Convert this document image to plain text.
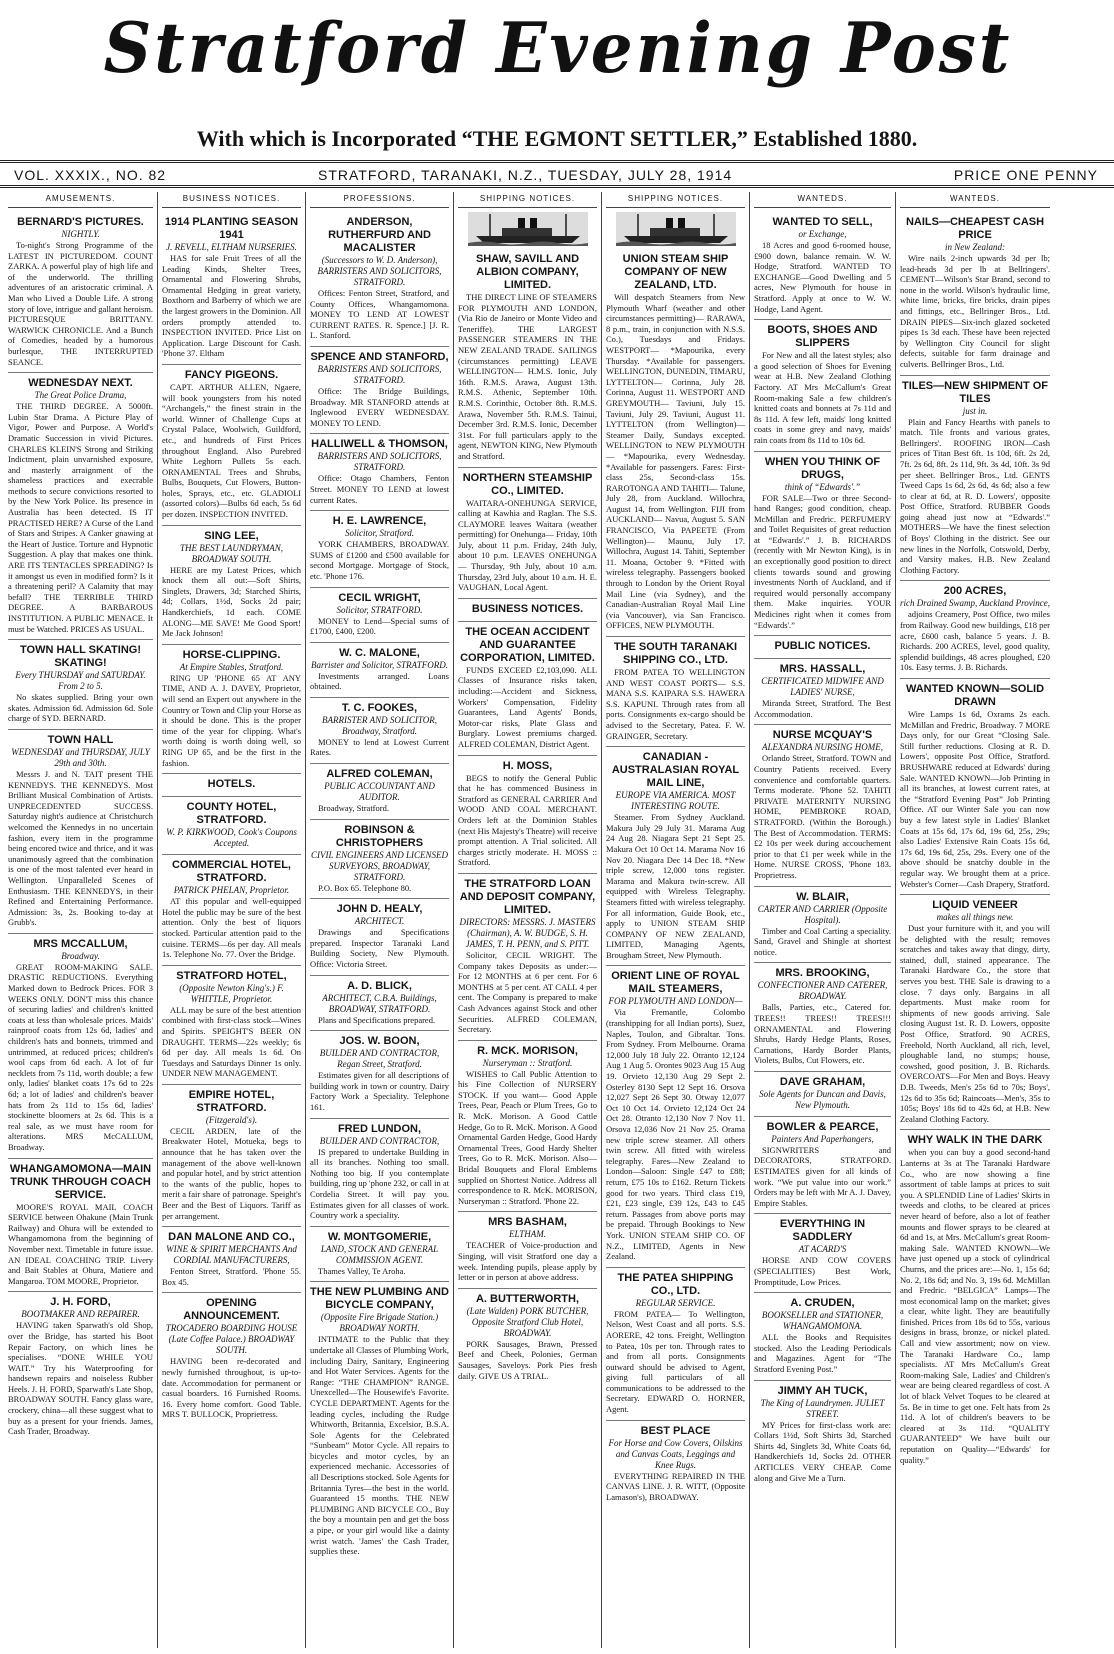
Stratford Evening Post
With which is Incorporated “THE EGMONT SETTLER,” Established 1880.
VOL. XXXIX., NO. 82	STRATFORD, TARANAKI, N.Z., TUESDAY, JULY 28, 1914	PRICE ONE PENNY
AMUSEMENTS.
BERNARD'S PICTURES.
NIGHTLY.
To-night's Strong Programme of the LATEST IN PICTUREDOM. COUNT ZARKA. A powerful play of high life and of the underworld. The thrilling adventures of an aristocratic criminal. A Man who Lived a Double Life. A strong story of love, intrigue and gallant heroism. PICTURESQUE BRITTANY. WARWICK CHRONICLE. And a Bunch of Comedies, headed by a humorous burlesque, THE INTERRUPTED SEANCE.
WEDNESDAY NEXT.
The Great Police Drama,
THE THIRD DEGREE. A 5000ft. Lubin Star Drama. A Picture Play of Vigor, Power and Purpose. A World's Dramatic Succession in vivid Pictures. CHARLES KLEIN'S Strong and Striking Indictment, plain unvarnished exposure, and masterly arraignment of the shameless practices and execrable methods to secure convictions resorted to by the New York Police. Its presence in Australia has been detected. IS IT PRACTISED HERE? A Curse of the Land of Stars and Stripes. A Canker gnawing at the Heart of Justice. Torture and Hypnotic Suggestion. A play that makes one think. ARE ITS TENTACLES SPREADING? Is it amongst us even in modified form? Is it a threatening peril? A Calamity that may befall? THE TERRIBLE THIRD DEGREE. A BARBAROUS INSTITUTION. A PUBLIC MENACE. It must be Watched. PRICES AS USUAL.
TOWN HALL SKATING! SKATING!
Every THURSDAY and SATURDAY. From 2 to 5.
No skates supplied. Bring your own skates. Admission 6d. Admission 6d. Sole charge of SYD. BERNARD.
TOWN HALL
WEDNESDAY and THURSDAY, JULY 29th and 30th.
Messrs J. and N. TAIT present THE KENNEDYS. THE KENNEDYS. Most Brilliant Musical Combination of Artists. UNPRECEDENTED SUCCESS. Saturday night's audience at Christchurch welcomed the Kennedys in no uncertain fashion, every item in the programme being encored twice and thrice, and it was unanimously agreed that the combination is one of the most talented ever heard in Wellington. Unparalleled Scenes of Enthusiasm. THE KENNEDYS, in their Refined and Entertaining Performance. Admission: 3s, 2s. Booking to-day at Grubb's.
MRS MCCALLUM,
Broadway.
GREAT ROOM-MAKING SALE. DRASTIC REDUCTIONS. Everything Marked down to Bedrock Prices. FOR 3 WEEKS ONLY. DON'T miss this chance of securing ladies' and children's knitted coats at less than wholesale prices. Maids' rainproof coats from 12s 6d, ladies' and children's hats and bonnets, trimmed and untrimmed, at reduced prices; children's wool caps from 6d each. A lot of fur necklets from 7s 11d, worth double; a few only, ladies' blanket coats 17s 6d to 22s 6d; a lot of ladies' and children's beaver hats from 2s 11d to 15s 6d, ladies' stockinette bloomers at 2s 6d. This is a real sale, as we must have room for alterations. MRS McCALLUM, Broadway.
WHANGAMOMONA—MAIN TRUNK THROUGH COACH SERVICE.
MOORE'S ROYAL MAIL COACH SERVICE between Ohakune (Main Trunk Railway) and Ohura will be extended to Whangamomona from the beginning of November next. Timetable in future issue. AN IDEAL COACHING TRIP. Livery and Bait Stables at Ohura, Matiere and Mangaroa. TOM MOORE, Proprietor.
J. H. FORD,
BOOTMAKER AND REPAIRER.
HAVING taken Sparwath's old Shop, over the Bridge, has started his Boot Repair Factory, on which lines he specialises. “DONE WHILE YOU WAIT.” Try his Waterproofing for handsewn repairs and noiseless Rubber Heels. J. H. FORD, Sparwath's Late Shop, BROADWAY SOUTH. Fancy glass ware, crockery, china—all these suggest what to buy as a present for your friends. James, Cash Trader, Broadway.
BUSINESS NOTICES.
1914 PLANTING SEASON 1941
J. REVELL, ELTHAM NURSERIES.
HAS for sale Fruit Trees of all the Leading Kinds, Shelter Trees, Ornamental and Flowering Shrubs, Ornamental Hedging in great variety, Boxthorn and Barberry of which we are the largest growers in the Dominion. All orders promptly attended to. INSPECTION INVITED. Price List on Application. Large Discount for Cash. 'Phone 37. Eltham
FANCY PIGEONS.
CAPT. ARTHUR ALLEN, Ngaere, will book youngsters from his noted “Archangels,” the finest strain in the world. Winner of Challenge Cups at Crystal Palace, Woolwich, Guildford, etc., and hundreds of First Prices throughout England. Also Purebred White Leghorn Pullets 5s each. ORNAMENTAL Trees and Shrubs, Bulbs, Bouquets, Cut Flowers, Button-holes, Sprays, etc., etc. GLADIOLI (assorted colors)—Bulbs 6d each, 5s 6d per dozen. INSPECTION INVITED.
SING LEE,
THE BEST LAUNDRYMAN, BROADWAY SOUTH.
HERE are my Latest Prices, which knock them all out:—Soft Shirts, Singlets, Drawers, 3d; Starched Shirts, 4d; Collars, 1½d, Socks 2d pair; Handkerchiefs, 1d each. COME ALONG—ME SAVE! Me Good Sport! Me Jack Johnson!
HORSE-CLIPPING.
At Empire Stables, Stratford.
RING UP 'PHONE 65 AT ANY TIME, AND A. J. DAVEY, Proprietor, will send an Expert out anywhere in the Country or Town and Clip your Horse as it should be done. This is the proper time of the year for clipping. What's worth doing is worth doing well, so RING UP 65, and be the first in the fashion.
HOTELS.
COUNTY HOTEL, STRATFORD.
W. P. KIRKWOOD, Cook's Coupons Accepted.
COMMERCIAL HOTEL, STRATFORD.
PATRICK PHELAN, Proprietor.
AT this popular and well-equipped Hotel the public may be sure of the best attention. Only the best of liquors stocked. Particular attention paid to the cuisine. TERMS—6s per day. All meals 1s. Telephone No. 77. Over the Bridge.
STRATFORD HOTEL,
(Opposite Newton King's.) F. WHITTLE, Proprietor.
ALL may be sure of the best attention combined with first-class stock—Wines and Spirits. SPEIGHT'S BEER ON DRAUGHT. TERMS—22s weekly; 6s 6d per day. All meals 1s 6d. On Tuesdays and Saturdays Dinner 1s only. UNDER NEW MANAGEMENT.
EMPIRE HOTEL, STRATFORD.
(Fitzgerald's).
CECIL ARDEN, late of the Breakwater Hotel, Motueka, begs to announce that he has taken over the management of the above well-known and popular hotel, and by strict attention to the wants of the public, hopes to merit a fair share of patronage. Speight's Beer and the Best of Liquors. Tariff as per arrangement.
DAN MALONE AND CO.,
WINE & SPIRIT MERCHANTS And CORDIAL MANUFACTURERS,
Fenton Street, Stratford. 'Phone 55. Box 45.
OPENING ANNOUNCEMENT.
TROCADERO BOARDING HOUSE (Late Coffee Palace.) BROADWAY SOUTH.
HAVING been re-decorated and newly furnished throughout, is up-to-date. Accommodation for permanent or casual boarders. 16 Furnished Rooms. 16. Every home comfort. Good Table. MRS T. BULLOCK, Proprietress.
PROFESSIONS.
ANDERSON, RUTHERFURD AND MACALISTER
(Successors to W. D. Anderson), BARRISTERS AND SOLICITORS, STRATFORD.
Offices: Fenton Street, Stratford, and County Offices, Whangamomona. MONEY TO LEND AT LOWEST CURRENT RATES. R. Spence.] [J. R. L. Stanford.
SPENCE AND STANFORD,
BARRISTERS AND SOLICITORS, STRATFORD.
Office: The Bridge Buildings, Broadway. MR STANFORD attends at Inglewood EVERY WEDNESDAY. MONEY TO LEND.
HALLIWELL & THOMSON,
BARRISTERS AND SOLICITORS, STRATFORD.
Office: Otago Chambers, Fenton Street. MONEY TO LEND at lowest current Rates.
H. E. LAWRENCE,
Solicitor, Stratford.
YORK CHAMBERS, BROADWAY. SUMS of £1200 and £500 available for second Mortgage. Mortgage of Stock, etc. 'Phone 176.
CECIL WRIGHT,
Solicitor, STRATFORD.
MONEY to Lend—Special sums of £1700, £400, £200.
W. C. MALONE,
Barrister and Solicitor, STRATFORD.
Investments arranged. Loans obtained.
T. C. FOOKES,
BARRISTER AND SOLICITOR, Broadway, Stratford.
MONEY to lend at Lowest Current Rates.
ALFRED COLEMAN,
PUBLIC ACCOUNTANT AND AUDITOR.
Broadway, Stratford.
ROBINSON & CHRISTOPHERS
CIVIL ENGINEERS AND LICENSED SURVEYORS, BROADWAY, STRATFORD.
P.O. Box 65. Telephone 80.
JOHN D. HEALY,
ARCHITECT.
Drawings and Specifications prepared. Inspector Taranaki Land Building Society, New Plymouth. Office: Victoria Street.
A. D. BLICK,
ARCHITECT, C.B.A. Buildings, BROADWAY, STRATFORD.
Plans and Specifications prepared.
JOS. W. BOON,
BUILDER AND CONTRACTOR, Regan Street, Stratford.
Estimates given for all descriptions of building work in town or country. Dairy Factory Work a Speciality. Telephone 161.
FRED LUNDON,
BUILDER AND CONTRACTOR,
IS prepared to undertake Building in all its branches. Nothing too small. Nothing too big. If you contemplate building, ring up 'phone 232, or call in at Cordelia Street. It will pay you. Estimates given for all classes of work. Country work a speciality.
W. MONTGOMERIE,
LAND, STOCK AND GENERAL COMMISSION AGENT.
Thames Valley, Te Aroha.
THE NEW PLUMBING AND BICYCLE COMPANY,
(Opposite Fire Brigade Station.) BROADWAY NORTH.
INTIMATE to the Public that they undertake all Classes of Plumbing Work, including Dairy, Sanitary, Engineering and Hot Water Services. Agents for the Range: “THE CHAMPION” RANGE. Unexcelled—The Housewife's Favorite. CYCLE DEPARTMENT. Agents for the leading cycles, including the Rudge Whitworth, Britannia, Excelsior, B.S.A. Sole Agents for the Celebrated “Sunbeam” Motor Cycle. All repairs to bicycles and motor cycles, by an experienced mechanic. Accessories of all Descriptions stocked. Sole Agents for Britannia Tyres—the best in the world. Guaranteed 15 months. THE NEW PLUMBING AND BICYCLE CO., Buy the boy a mountain pen and get the boss a pipe, or your girl would like a dainty wrist watch. 'James' the Cash Trader, supplies these.
SHIPPING NOTICES.
SHAW, SAVILL AND ALBION COMPANY, LIMITED.
THE DIRECT LINE OF STEAMERS FOR PLYMOUTH AND LONDON, (Via Rio de Janeiro or Monte Video and Teneriffe). THE LARGEST PASSENGER STEAMERS IN THE NEW ZEALAND TRADE. SAILINGS (circumstances permitting) LEAVE WELLINGTON— H.M.S. Ionic, July 16th. R.M.S. Arawa, August 13th. R.M.S. Athenic, September 10th. R.M.S. Corinthic, October 8th. R.M.S. Arawa, November 5th. R.M.S. Tainui, December 3rd. R.M.S. Ionic, December 31st. For full particulars apply to the agent, NEWTON KING, New Plymouth and Stratford.
NORTHERN STEAMSHIP CO., LIMITED.
WAITARA-ONEHUNGA SERVICE, calling at Kawhia and Raglan. The S.S. CLAYMORE leaves Waitara (weather permitting) for Onehunga— Friday, 10th July, about 11 p.m. Friday, 24th July, about 10 p.m. LEAVES ONEHUNGA— Thursday, 9th July, about 10 a.m. Thursday, 23rd July, about 10 a.m. H. E. VAUGHAN, Local Agent.
BUSINESS NOTICES.
THE OCEAN ACCIDENT AND GUARANTEE CORPORATION, LIMITED.
FUNDS EXCEED £2,103,090. ALL Classes of Insurance risks taken, including:—Accident and Sickness, Workers' Compensation, Fidelity Guarantees, Land Agents' Bonds, Motor-car risks, Plate Glass and Burglary. Lowest premiums charged. ALFRED COLEMAN, District Agent.
H. MOSS,
BEGS to notify the General Public that he has commenced Business in Stratford as GENERAL CARRIER And WOOD AND COAL MERCHANT. Orders left at the Dominion Stables (next His Majesty's Theatre) will receive prompt attention. A Trial solicited. All charges strictly moderate. H. MOSS :: Stratford.
THE STRATFORD LOAN AND DEPOSIT COMPANY, LIMITED.
DIRECTORS: MESSRS. J. MASTERS (Chairman), A. W. BUDGE, S. H. JAMES, T. H. PENN, and S. PITT.
Solicitor, CECIL WRIGHT. The Company takes Deposits as under:— For 12 MONTHS at 6 per cent. For 6 MONTHS at 5 per cent. AT CALL 4 per cent. The Company is prepared to make Cash Advances against Stock and other Securities. ALFRED COLEMAN, Secretary.
R. MCK. MORISON,
Nurseryman :: Stratford.
WISHES to Call Public Attention to his Fine Collection of NURSERY STOCK. If you want— Good Apple Trees, Pear, Peach or Plum Trees, Go to R. McK. Morison. A Good Cattle Hedge, Go to R. McK. Morison. A Good Ornamental Garden Hedge, Good Hardy Ornamental Trees, Good Hardy Shelter Trees, Go to R. McK. Morison. Also— Bridal Bouquets and Floral Emblems supplied on Shortest Notice. Address all correspondence to R. McK. MORISON, Nurseryman :: Stratford. 'Phone 22.
MRS BASHAM,
ELTHAM.
TEACHER of Voice-production and Singing, will visit Stratford one day a week. Intending pupils, please apply by letter or in person at above address.
A. BUTTERWORTH,
(Late Walden) PORK BUTCHER, Opposite Stratford Club Hotel, BROADWAY.
PORK Sausages, Brawn, Pressed Beef and Cheek, Polonies, German Sausages, Saveloys. Pork Pies fresh daily. GIVE US A TRIAL.
SHIPPING NOTICES.
UNION STEAM SHIP COMPANY OF NEW ZEALAND, LTD.
Will despatch Steamers from New Plymouth Wharf (weather and other circumstances permitting)— RARAWA, 8 p.m., train, in conjunction with N.S.S. Co.), Tuesdays and Fridays. WESTPORT— *Mapourika, every Thursday. *Available for passengers. WELLINGTON, DUNEDIN, TIMARU, LYTTELTON— Corinna, July 28. Corinna, August 11. WESTPORT AND GREYMOUTH— Taviuni, July 15. Taviuni, July 29. Taviuni, August 11. LYTTELTON (from Wellington)— Steamer Daily, Sundays excepted. WELLINGTON to NEW PLYMOUTH— *Mapourika, every Wednesday. *Available for passengers. Fares: First-class 25s, Second-class 15s. RAROTONGA AND TAHITI— Talune, July 28, from Auckland. Willochra, August 14, from Wellington. FIJI from AUCKLAND— Navua, August 5. SAN FRANCISCO, Via PAPEETE (From Wellington)— Maunu, July 17. Willochra, August 14. Tahiti, September 11. Moana, October 9. *Fitted with wireless telegraphy. Passengers booked through to London by the Orient Royal Mail Line (via Sydney), and the Canadian-Australian Royal Mail Line (via Vancouver), via San Francisco. OFFICES, NEW PLYMOUTH.
THE SOUTH TARANAKI SHIPPING CO., LTD.
FROM PATEA TO WELLINGTON AND WEST COAST PORTS— S.S. MANA S.S. KAIPARA S.S. HAWERA S.S. KAPUNI. Through rates from all ports. Consignments ex-cargo should be advised to the Secretary, Patea. F. W. GRAINGER, Secretary.
CANADIAN - AUSTRALASIAN ROYAL MAIL LINE,
EUROPE VIA AMERICA. MOST INTERESTING ROUTE.
Steamer. From Sydney Auckland. Makura July 29 July 31. Marama Aug 24 Aug 28. Niagara Sept 21 Sept 25. Makura Oct 10 Oct 14. Marama Nov 16 Nov 20. Niagara Dec 14 Dec 18. *New triple screw, 12,000 tons register. Marama and Makura twin-screw. All equipped with Wireless Telegraphy. Steamers fitted with wireless telegraphy. For all information, Guide Book, etc., apply to UNION STEAM SHIP COMPANY OF NEW ZEALAND, LIMITED, Managing Agents, Brougham Street, New Plymouth.
ORIENT LINE OF ROYAL MAIL STEAMERS,
FOR PLYMOUTH AND LONDON—
Via Fremantle, Colombo (transhipping for all Indian ports), Suez, Naples, Toulon, and Gibraltar. Tons. From Sydney. From Melbourne. Orama 12,000 July 18 July 22. Otranto 12,124 Aug 1 Aug 5. Orontes 9023 Aug 15 Aug 19. Orvieto 12,130 Aug 29 Sept 2. Osterley 8130 Sept 12 Sept 16. Orsova 12,027 Sept 26 Sept 30. Otway 12,077 Oct 10 Oct 14. Orvieto 12,124 Oct 24 Oct 28. Otranto 12,130 Nov 7 Nov 11. Orsova 12,036 Nov 21 Nov 25. Orama new triple screw steamer. All others twin screw. All fitted with wireless telegraphy. Fares—New Zealand to London—Saloon: Single £47 to £88; return, £75 10s to £162. Return Tickets good for two years. Third class £19, £21, £23 single, £39 12s, £43 to £45 return. Passages from above ports may be prepaid. Through Bookings to New York. UNION STEAM SHIP CO. OF N.Z., LIMITED, Agents in New Zealand.
THE PATEA SHIPPING CO., LTD.
REGULAR SERVICE.
FROM PATEA— To Wellington, Nelson, West Coast and all ports. S.S. AORERE, 42 tons. Freight, Wellington to Patea, 10s per ton. Through rates to and from all ports. Consignments outward should be advised to Agent, giving full particulars of all communications to be addressed to the Secretary. EDWARD O. HORNER, Agent.
BEST PLACE
For Horse and Cow Covers, Oilskins and Canvas Coats, Leggings and Knee Rugs.
EVERYTHING REPAIRED IN THE CANVAS LINE. J. R. WITT, (Opposite Lamason's), BROADWAY.
WANTEDS.
WANTED TO SELL,
or Exchange,
18 Acres and good 6-roomed house, £900 down, balance remain. W. W. Hodge, Stratford. WANTED TO EXCHANGE—Good Dwelling and 5 acres, New Plymouth for house in Stratford. Apply at once to W. W. Hodge, Land Agent.
BOOTS, SHOES AND SLIPPERS
For New and all the latest styles; also a good selection of Shoes for Evening wear at H.B. New Zealand Clothing Factory. AT Mrs McCallum's Great Room-making Sale a few children's knitted coats and bonnets at 7s 11d and 8s 11d. A few left, maids' long knitted coats in some grey and navy, maids' rain coats from 8s 11d to 10s 6d.
WHEN YOU THINK OF DRUGS,
think of “Edwards'.”
FOR SALE—Two or three Second-hand Ranges; good condition, cheap. McMillan and Fredric. PERFUMERY and Toilet Requisites of great reduction at “Edwards'.” J. B. RICHARDS (recently with Mr Newton King), is in an exceptionally good position to direct clients towards sound and growing investments North of Auckland, and if required would personally accompany them. Make inquiries. YOUR Medicines right when it comes from “Edwards'.”
PUBLIC NOTICES.
MRS. HASSALL,
CERTIFICATED MIDWIFE AND LADIES' NURSE,
Miranda Street, Stratford. The Best Accommodation.
NURSE MCQUAY'S
ALEXANDRA NURSING HOME,
Orlando Street, Stratford. TOWN and Country Patients received. Every convenience and comfortable quarters. Terms moderate. 'Phone 52. TAHITI PRIVATE MATERNITY NURSING HOME, PEMBROKE ROAD, STRATFORD. (Within the Borough.) The Best of Accommodation. TERMS: £2 10s per week during accouchement prior to that £1 per week while in the Home. NURSE CROSS, 'Phone 183. Proprietress.
W. BLAIR,
CARTER AND CARRIER (Opposite Hospital).
Timber and Coal Carting a speciality. Sand, Gravel and Shingle at shortest notice.
MRS. BROOKING,
CONFECTIONER AND CATERER, BROADWAY.
Balls, Parties, etc., Catered for. TREES!! TREES!! TREES!!! ORNAMENTAL and Flowering Shrubs, Hardy Hedge Plants, Roses, Carnations, Hardy Border Plants, Violets, Bulbs, Cut Flowers, etc.
DAVE GRAHAM,
Sole Agents for Duncan and Davis, New Plymouth.
BOWLER & PEARCE,
Painters And Paperhangers,
SIGNWRITERS and DECORATORS, STRATFORD. ESTIMATES given for all kinds of work. “We put value into our work.” Orders may be left with Mr A. J. Davey, Empire Stables.
EVERYTHING IN SADDLERY
AT ACARD'S
HORSE AND COW COVERS (SPECIALITIES) Best Work, Promptitude, Low Prices.
A. CRUDEN,
BOOKSELLER and STATIONER, WHANGAMOMONA.
ALL the Books and Requisites stocked. Also the Leading Periodicals and Magazines. Agent for “The Stratford Evening Post.”
JIMMY AH TUCK,
The King of Laundrymen. JULIET STREET.
MY Prices for first-class work are: Collars 1½d, Soft Shirts 3d, Starched Shirts 4d, Singlets 3d, White Coats 6d, Handkerchiefs 1d, Socks 2d. OTHER ARTICLES VERY CHEAP. Come along and Give Me a Turn.
WANTEDS.
NAILS—CHEAPEST CASH PRICE
in New Zealand:
Wire nails 2-inch upwards 3d per lb; lead-heads 3d per lb at Bellringers'. CEMENT—Wilson's Star Brand, second to none in the world. Wilson's hydraulic lime, white lime, bricks, fire bricks, drain pipes and fittings, etc., Bellringer Bros., Ltd. DRAIN PIPES—Six-inch glazed socketed pipes 1s 3d each. These have been rejected by Wellington City Council for slight defects, suitable for farm drainage and culverts. Bellringer Bros., Ltd.
TILES—NEW SHIPMENT OF TILES
just in.
Plain and Fancy Hearths with panels to match. Tile fronts and various grates, Bellringers'. ROOFING IRON—Cash prices of Titan Best 6ft. 1s 10d, 6ft. 2s 2d, 7ft. 2s 6d, 8ft. 2s 11d, 9ft. 3s 4d, 10ft. 3s 9d per sheet. Bellringer Bros., Ltd. GENTS Tweed Caps 1s 6d, 2s 6d, 4s 6d; also a few to clear at 6d, at R. D. Lowers', opposite Post Office, Stratford. RUBBER Goods going ahead just now at “Edwards'.” MOTHERS—We have the finest selection of Boys' Clothing in the district. See our new lines in the Norfolk, Cotswold, Derby, and Varsity makes. H.B. New Zealand Clothing Factory.
200 ACRES,
rich Drained Swamp, Auckland Province,
adjoins Creamery, Post Office, two miles from Railway. Good new buildings, £18 per acre, £600 cash, balance 5 years. J. B. Richards. 200 ACRES, level, good quality, splendid buildings, 48 acres ploughed, £20 10s. Easy terms. J. B. Richards.
WANTED KNOWN—SOLID DRAWN
Wire Lamps 1s 6d, Oxrams 2s each. McMillan and Fredric, Broadway. 7 MORE Days only, for our Great “Closing Sale. Still further reductions. Closing at R. D. Lowers', opposite Post Office, Stratford. BRUSHWARE reduced at Edwards' during Sale. WANTED KNOWN—Job Printing in all its branches, at lowest current rates, at the “Stratford Evening Post” Job Printing Office. AT our Winter Sale you can now buy a few latest style in Ladies' Blanket Coats at 15s 6d, 17s 6d, 19s 6d, 25s, 29s; also Ladies' Extensive Rain Coats 15s 6d, 17s 6d, 19s 6d, 25s, 29s. Every one of the above should be snatchy double in the regular way. We brought them at a price. Webster's Corner—Cash Drapery, Stratford.
LIQUID VENEER
makes all things new.
Dust your furniture with it, and you will be delighted with the result; removes scratches and takes away that dingy, dirty, stained, dull, stained appearance. The Taranaki Hardware Co., the store that serves you best. THE Sale is drawing to a close. 7 days only. Bargains in all departments. Must make room for shipments of new goods arriving. Sale closing August 1st. R. D. Lowers, opposite Post Office, Stratford. 90 ACRES, Freehold, North Auckland, all rich, level, ploughable land, no stumps; house, cowshed, good position, J. B. Richards. OVERCOATS—For Men and Boys. Heavy D.B. Tweeds, Men's 25s 6d to 70s; Boys', 12s 6d to 35s 6d; Raincoats—Men's, 35s to 105s; Boys' 18s 6d to 42s 6d, at H.B. New Zealand Clothing Factory.
WHY WALK IN THE DARK
when you can buy a good second-hand Lanterns at 3s at The Taranaki Hardware Co., who are now showing a fine assortment of table lamps at prices to suit you. A SPLENDID Line of Ladies' Skirts in tweeds and cloths, to be cleared at prices never heard of before, also a lot of feather mounts and flower sprays to be cleared at 6d and 1s, at Mrs. McCallum's great Room-making Sale. WANTED KNOWN—We have just opened up a stock of cylindrical Churns, and the prices are:—No. 1, 15s 6d; No. 2, 18s 6d; and No. 3, 19s 6d. McMillan and Fredric. “BELGICA” Lamps—The most economical lamp on the market; gives a clear, white light. They are beautifully finished. Prices from 18s 6d to 55s, various designs in brass, bronze, or nickel plated. Call and view assortment; now on view. The Taranaki Hardware Co., lamp specialists. AT Mrs McCallum's Great Room-making Sale, Ladies' and Children's wear are being cleared regardless of cost. A lot of black Velvet Toques to be cleared at 5s. Be in time to get one. Felt hats from 2s 11d. A lot of children's beavers to be cleared at 3s 11d. “QUALITY GUARANTEED” We have built our reputation on Quality—“Edwards' for quality.”
